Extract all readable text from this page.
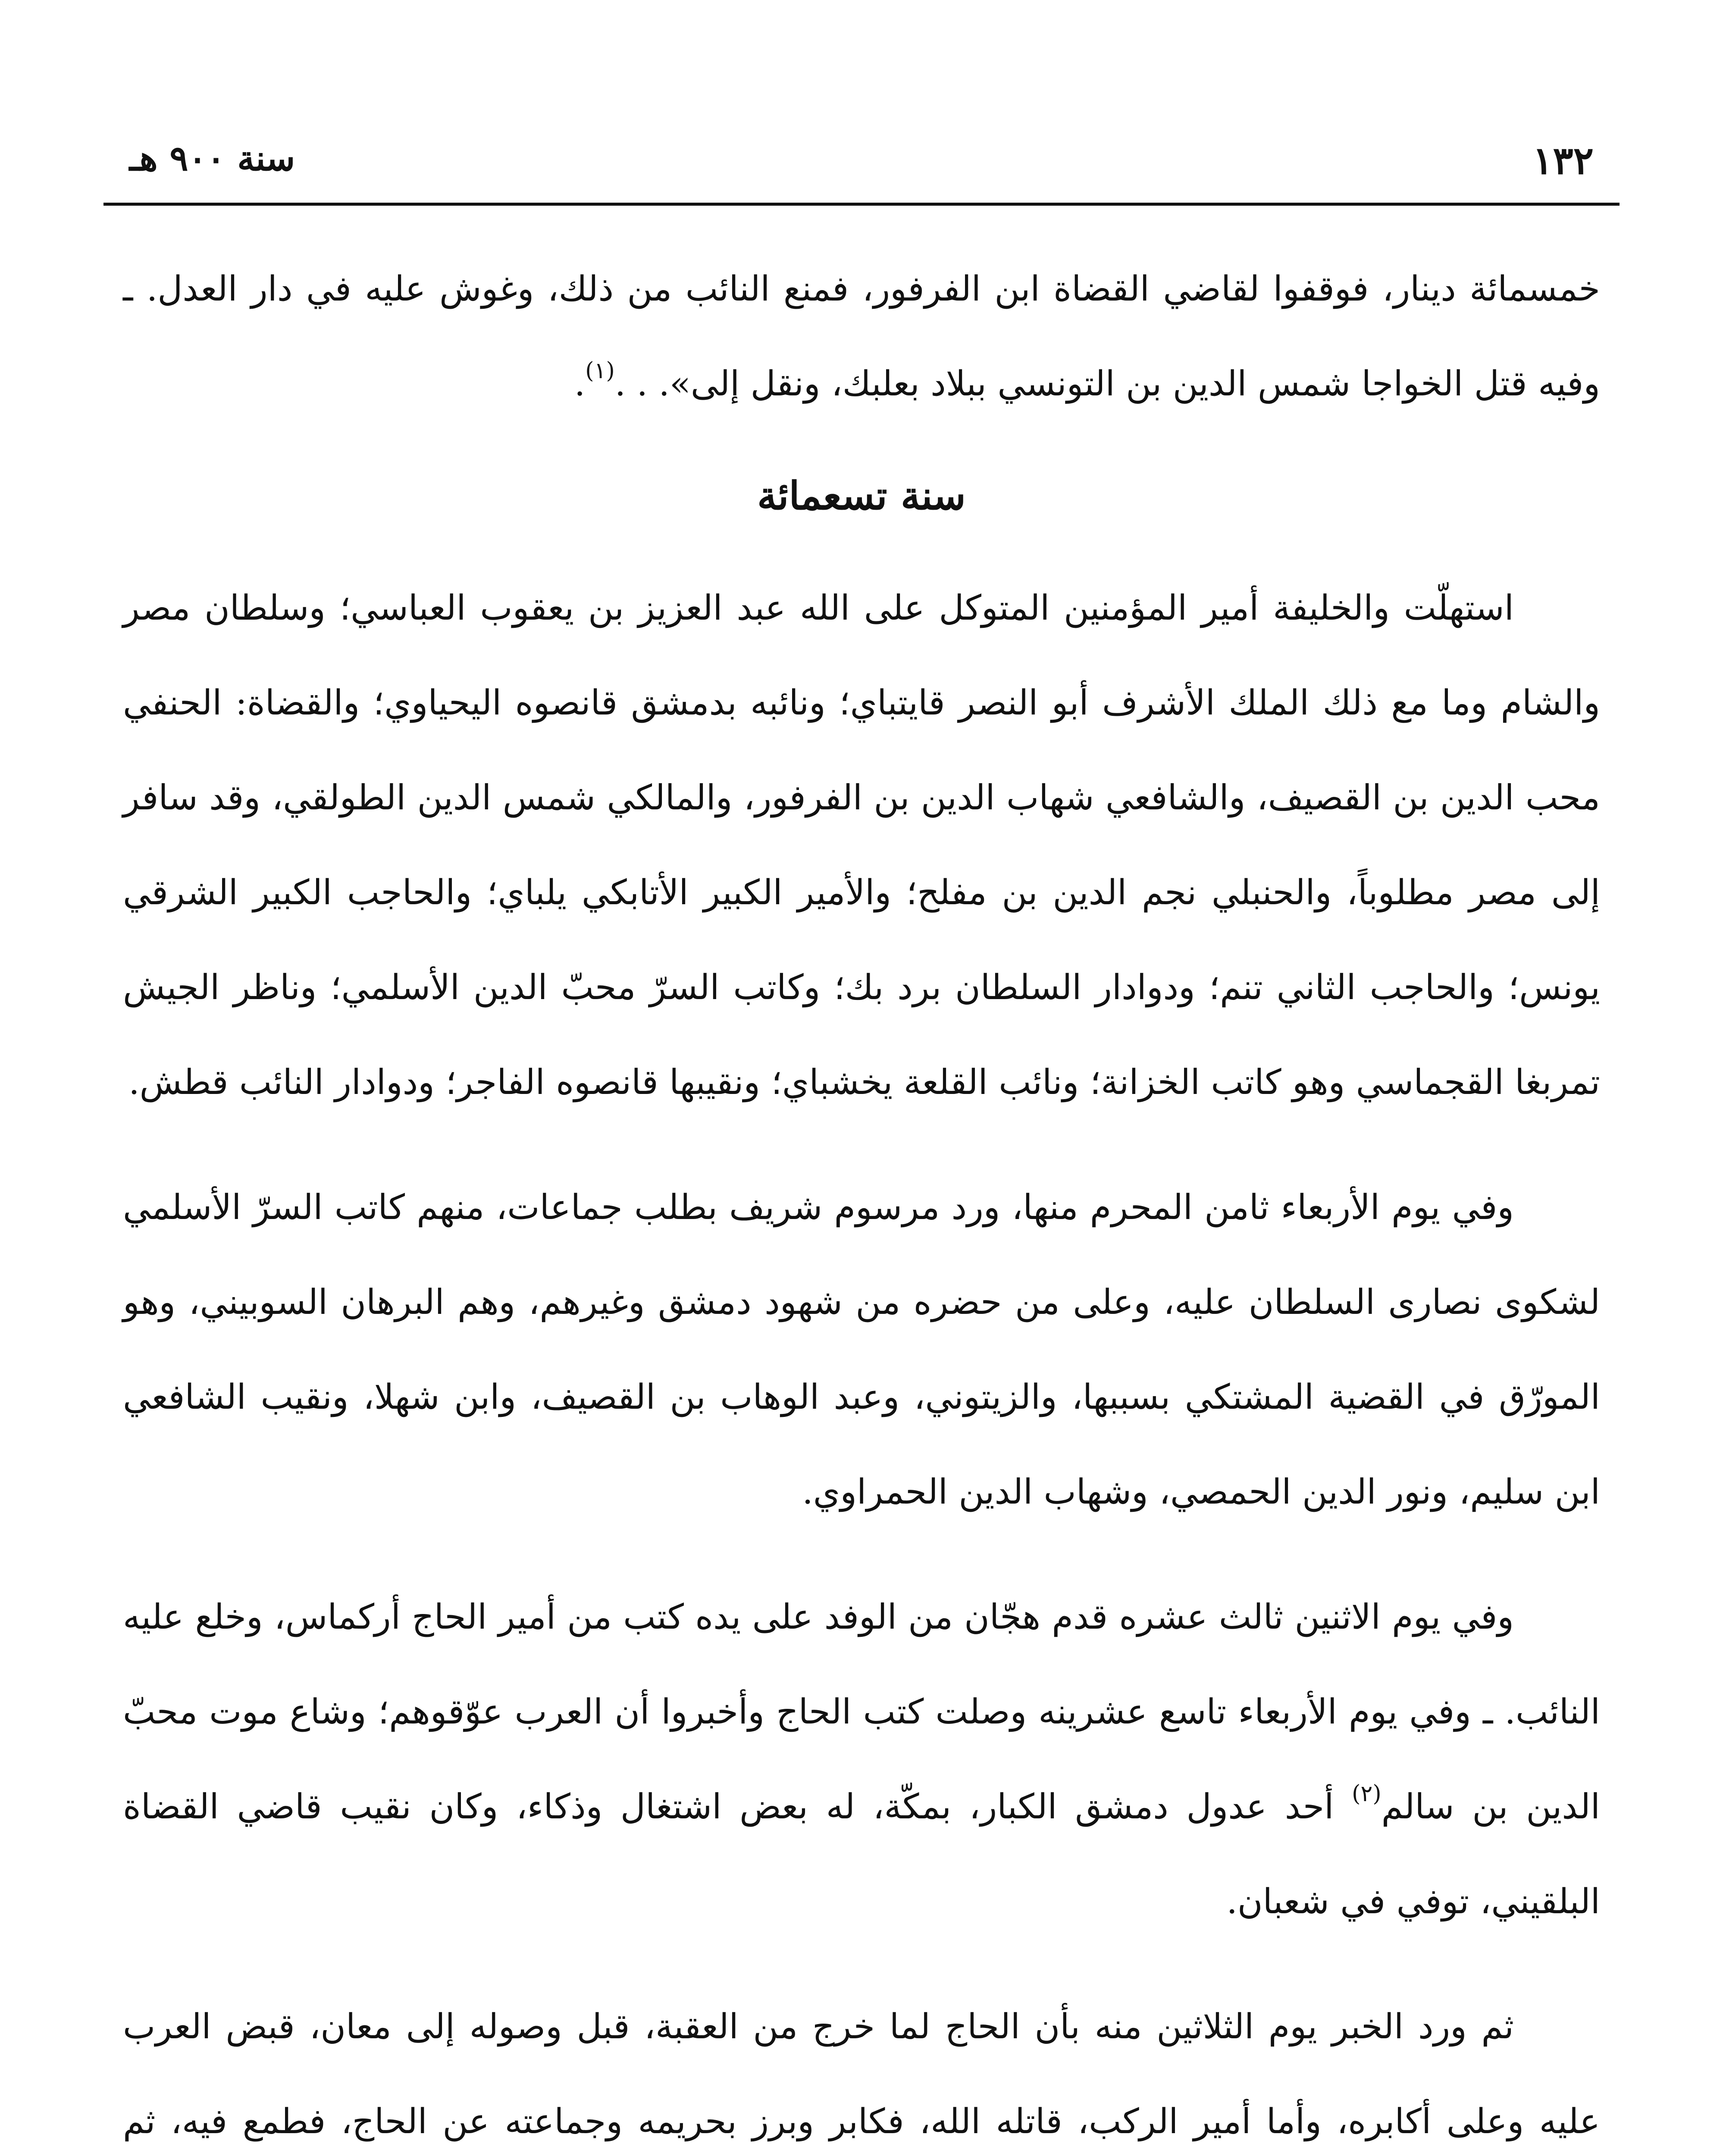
١٣٢
سنة ٩٠٠ هـ

خمسمائة دينار، فوقفوا لقاضي القضاة ابن الفرفور، فمنع النائب من ذلك، وغوش عليه في دار العدل. ـ وفيه قتل الخواجا شمس الدين بن التونسي ببلاد بعلبك، ونقل إلى». . .$^{(١)}$.

سنة تسعمائة

استهلّت والخليفة أمير المؤمنين المتوكل على الله عبد العزيز بن يعقوب العباسي؛ وسلطان مصر والشام وما مع ذلك الملك الأشرف أبو النصر قايتباي؛ ونائبه بدمشق قانصوه اليحياوي؛ والقضاة: الحنفي محب الدين بن القصيف، والشافعي شهاب الدين بن الفرفور، والمالكي شمس الدين الطولقي، وقد سافر إلى مصر مطلوباً، والحنبلي نجم الدين بن مفلح؛ والأمير الكبير الأتابكي يلباي؛ والحاجب الكبير الشرقي يونس؛ والحاجب الثاني تنم؛ ودوادار السلطان برد بك؛ وكاتب السرّ محبّ الدين الأسلمي؛ وناظر الجيش تمربغا القجماسي وهو كاتب الخزانة؛ ونائب القلعة يخشباي؛ ونقيبها قانصوه الفاجر؛ ودوادار النائب قطش.

وفي يوم الأربعاء ثامن المحرم منها، ورد مرسوم شريف بطلب جماعات، منهم كاتب السرّ الأسلمي لشكوى نصارى السلطان عليه، وعلى من حضره من شهود دمشق وغيرهم، وهم البرهان السوبيني، وهو المورّق في القضية المشتكي بسببها، والزيتوني، وعبد الوهاب بن القصيف، وابن شهلا، ونقيب الشافعي ابن سليم، ونور الدين الحمصي، وشهاب الدين الحمراوي.

وفي يوم الاثنين ثالث عشره قدم هجّان من الوفد على يده كتب من أمير الحاج أركماس، وخلع عليه النائب. ـ وفي يوم الأربعاء تاسع عشرينه وصلت كتب الحاج وأخبروا أن العرب عوّقوهم؛ وشاع موت محبّ الدين بن سالم$^{(٢)}$ أحد عدول دمشق الكبار، بمكّة، له بعض اشتغال وذكاء، وكان نقيب قاضي القضاة البلقيني، توفي في شعبان.

ثم ورد الخبر يوم الثلاثين منه بأن الحاج لما خرج من العقبة، قبل وصوله إلى معان، قبض العرب عليه وعلى أكابره، وأما أمير الركب، قاتله الله، فكابر وبرز بحريمه وجماعته عن الحاج، فطمع فيه، ثم
